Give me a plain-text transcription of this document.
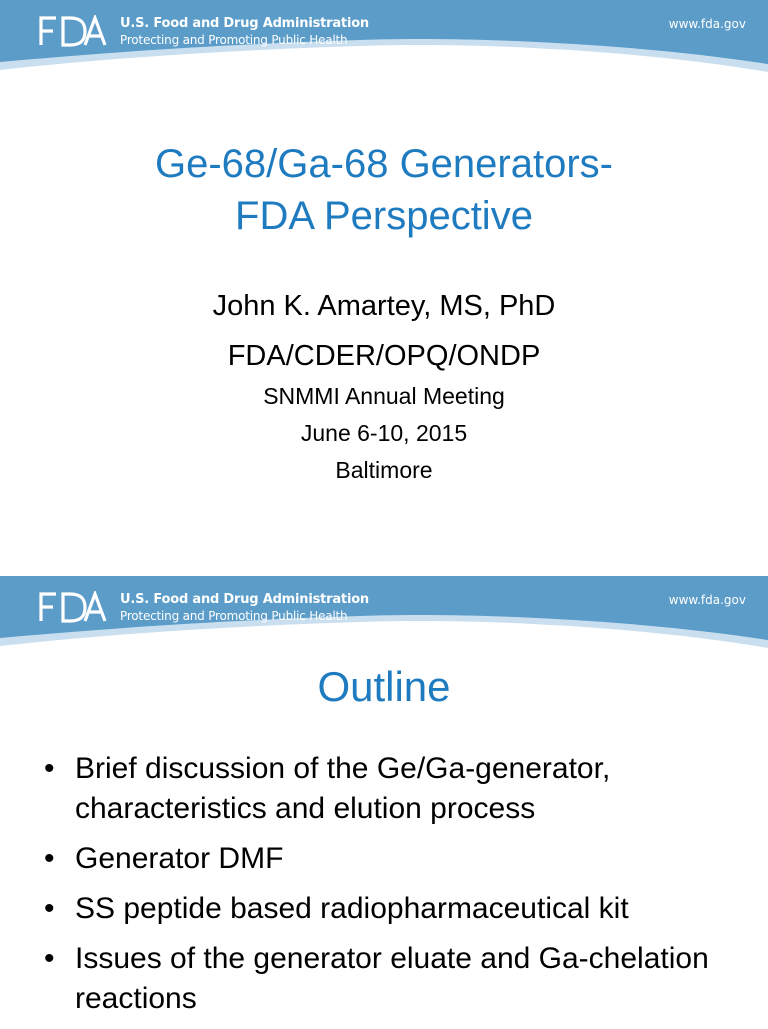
U.S. Food and Drug Administration
Protecting and Promoting Public Health
www.fda.gov
Ge-68/Ga-68 Generators-
FDA Perspective
John K. Amartey, MS, PhD
FDA/CDER/OPQ/ONDP
SNMMI Annual Meeting
June 6-10, 2015
Baltimore
U.S. Food and Drug Administration
Protecting and Promoting Public Health
www.fda.gov
Outline
• Brief discussion of the Ge/Ga-generator, characteristics and elution process
• Generator DMF
• SS peptide based radiopharmaceutical kit
• Issues of the generator eluate and Ga-chelation reactions
